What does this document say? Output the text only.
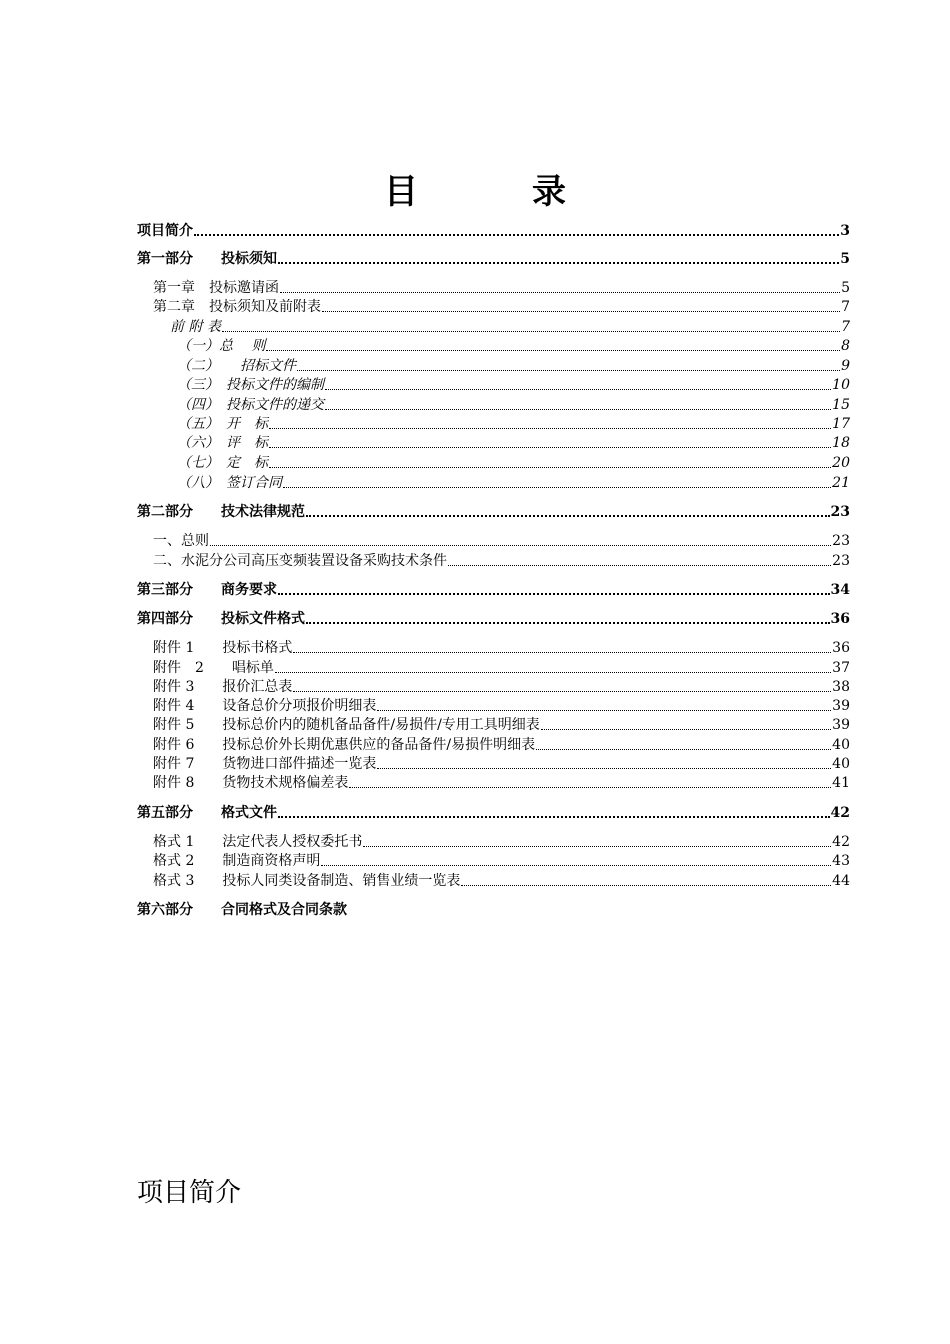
目　录
项目简介	3
第一部分　　投标须知	5
第一章　投标邀请函	5
第二章　投标须知及前附表	7
前 附 表	7
（一）总　 则	8
（二）　　招标文件	9
（三）　投标文件的编制	10
（四）　投标文件的递交	15
（五）　开　标	17
（六）　评　标	18
（七）　定　标	20
（八）　签订合同	21
第二部分　　技术法律规范	23
一、总则	23
二、水泥分公司高压变频装置设备采购技术条件	23
第三部分　　商务要求	34
第四部分　　投标文件格式	36
附件 1　　投标书格式	36
附件　2　　唱标单	37
附件 3　　报价汇总表	38
附件 4　　设备总价分项报价明细表	39
附件 5　　投标总价内的随机备品备件/易损件/专用工具明细表	39
附件 6　　投标总价外长期优惠供应的备品备件/易损件明细表	40
附件 7　　货物进口部件描述一览表	40
附件 8　　货物技术规格偏差表	41
第五部分　　格式文件	42
格式 1　　法定代表人授权委托书	42
格式 2　　制造商资格声明	43
格式 3　　投标人同类设备制造、销售业绩一览表	44
第六部分　　合同格式及合同条款
项目简介
